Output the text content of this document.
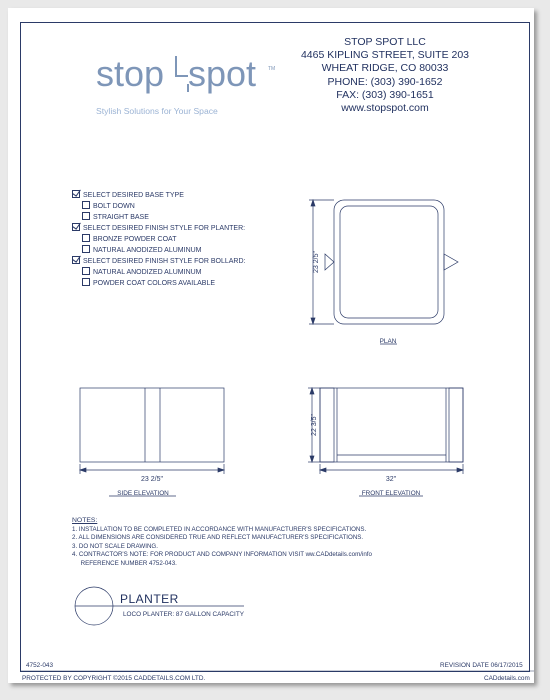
stop spot TM
Stylish Solutions for Your Space
STOP SPOT LLC
4465 KIPLING STREET, SUITE 203
WHEAT RIDGE, CO 80033
PHONE: (303) 390-1652
FAX: (303) 390-1651
www.stopspot.com
SELECT DESIRED BASE TYPE
BOLT DOWN
STRAIGHT BASE
SELECT DESIRED FINISH STYLE FOR PLANTER:
BRONZE POWDER COAT
NATURAL ANODIZED ALUMINUM
SELECT DESIRED FINISH STYLE FOR BOLLARD:
NATURAL ANODIZED ALUMINUM
POWDER COAT COLORS AVAILABLE
23 2/5"
PLAN
23 2/5"
SIDE ELEVATION
32"
22 3/5"
FRONT ELEVATION
NOTES:
1. INSTALLATION TO BE COMPLETED IN ACCORDANCE WITH MANUFACTURER'S SPECIFICATIONS.
2. ALL DIMENSIONS ARE CONSIDERED TRUE AND REFLECT MANUFACTURER'S SPECIFICATIONS.
3. DO NOT SCALE DRAWING.
4. CONTRACTOR'S NOTE: FOR PRODUCT AND COMPANY INFORMATION VISIT ww.CADdetails.com/info
REFERENCE NUMBER 4752-043.
PLANTER
LOCO PLANTER: 87 GALLON CAPACITY
4752-043	REVISION DATE 06/17/2015
PROTECTED BY COPYRIGHT ©2015 CADDETAILS.COM LTD.	CADdetails.com
